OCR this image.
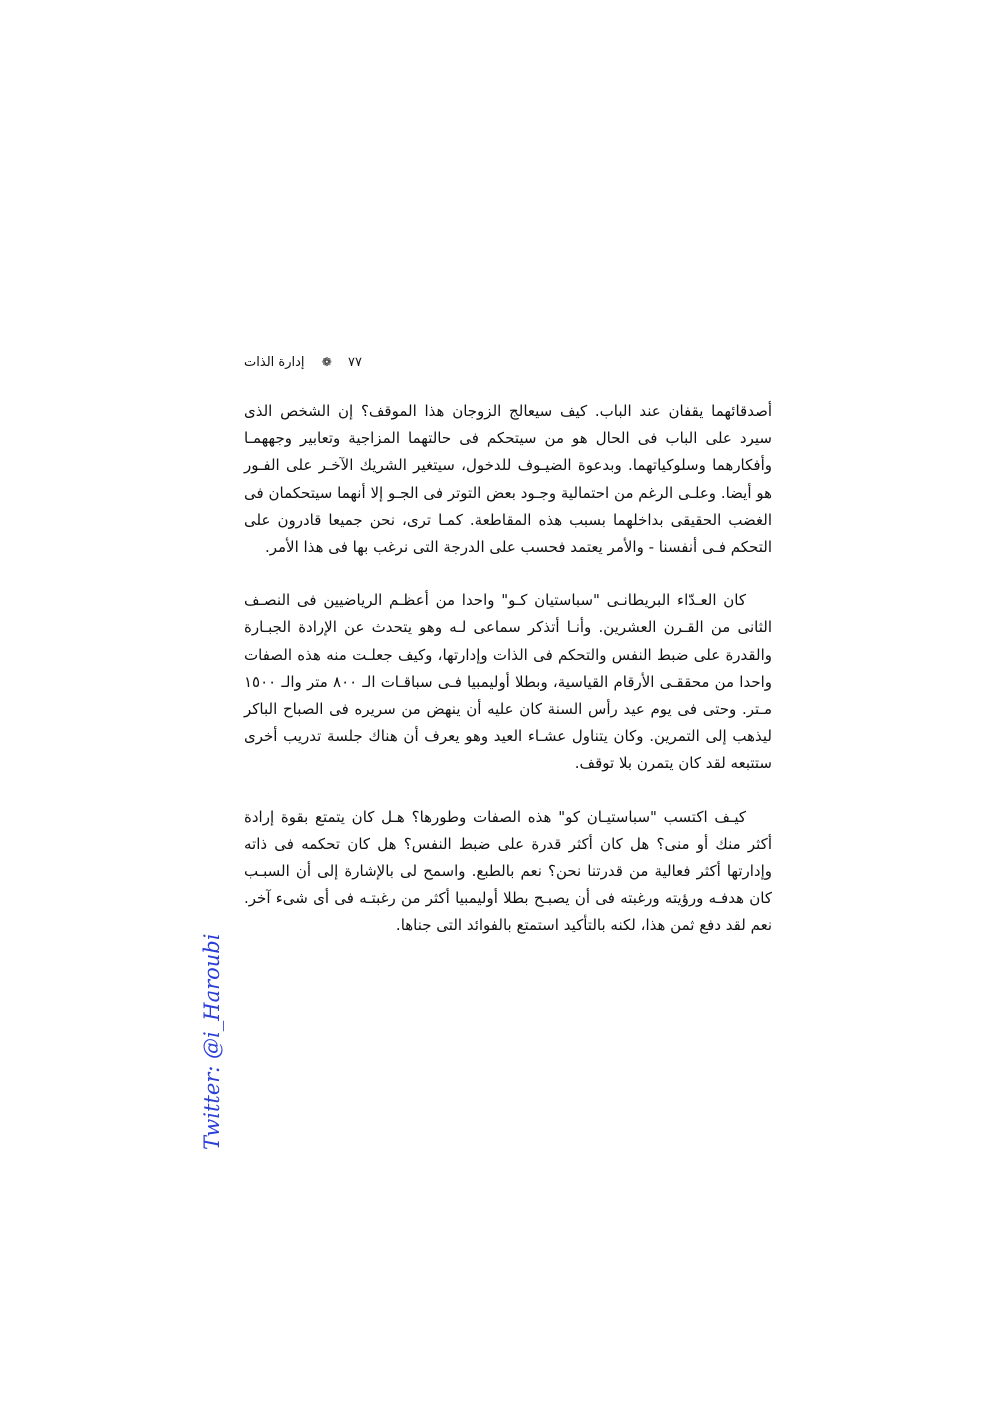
إدارة الذات ❁ ٧٧

أصدقائهما يقفان عند الباب. كيف سيعالج الزوجان هذا الموقف؟ إن الشخص الذى سيرد على الباب فى الحال هو من سيتحكم فى حالتهما المزاجية وتعابير وجههمـا وأفكارهما وسلوكياتهما. وبدعوة الضيـوف للدخول، سيتغير الشريك الآخـر على الفـور هو أيضا. وعلـى الرغم من احتمالية وجـود بعض التوتر فى الجـو إلا أنهما سيتحكمان فى الغضب الحقيقى بداخلهما بسبب هذه المقاطعة. كمـا ترى، نحن جميعا قادرون على التحكم فـى أنفسنا - والأمر يعتمد فحسب على الدرجة التى نرغب بها فى هذا الأمر.

كان العـدّاء البريطانـى "سباستيان كـو" واحدا من أعظـم الرياضيين فى النصـف الثانى من القـرن العشرين. وأنـا أتذكر سماعى لـه وهو يتحدث عن الإرادة الجبـارة والقدرة على ضبط النفس والتحكم فى الذات وإدارتها، وكيف جعلـت منه هذه الصفات واحدا من محققـى الأرقام القياسية، وبطلا أوليمبيا فـى سباقـات الـ ٨٠٠ متر والـ ١٥٠٠ مـتر. وحتى فى يوم عيد رأس السنة كان عليه أن ينهض من سريره فى الصباح الباكر ليذهب إلى التمرين. وكان يتناول عشـاء العيد وهو يعرف أن هناك جلسة تدريب أخرى ستتبعه لقد كان يتمرن بلا توقف.

كيـف اكتسب "سباستيـان كو" هذه الصفات وطورها؟ هـل كان يتمتع بقوة إرادة أكثر منك أو منى؟ هل كان أكثر قدرة على ضبط النفس؟ هل كان تحكمه فى ذاته وإدارتها أكثر فعالية من قدرتنا نحن؟ نعم بالطبع. واسمح لى بالإشارة إلى أن السبـب كان هدفـه ورؤيته ورغبته فى أن يصبـح بطلا أوليمبيا أكثر من رغبتـه فى أى شىء آخر. نعم لقد دفع ثمن هذا، لكنه بالتأكيد استمتع بالفوائد التى جناها.

Twitter: @i_Haroubi
